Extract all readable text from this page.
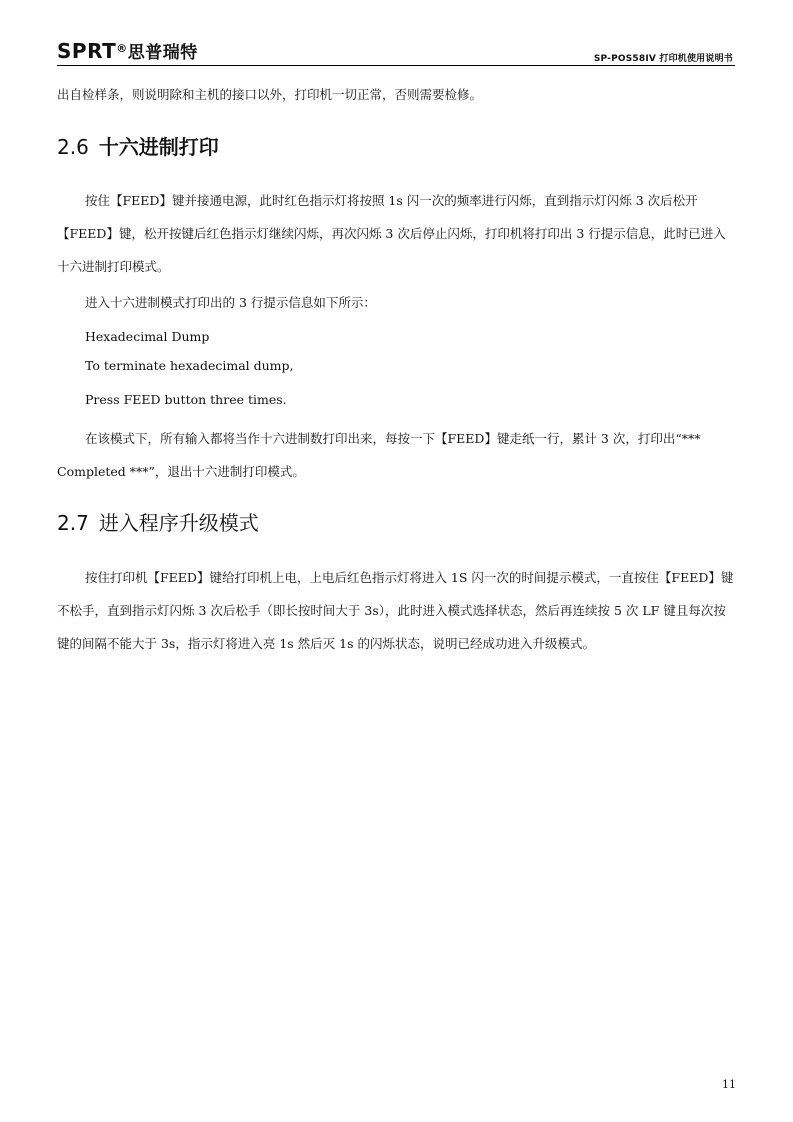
SPRT®思普瑞特	SP-POS58IV 打印机使用说明书

出自检样条，则说明除和主机的接口以外，打印机一切正常，否则需要检修。

2.6 十六进制打印

按住【FEED】键并接通电源，此时红色指示灯将按照 1s 闪一次的频率进行闪烁，直到指示灯闪烁 3 次后松开【FEED】键，松开按键后红色指示灯继续闪烁，再次闪烁 3 次后停止闪烁，打印机将打印出 3 行提示信息，此时已进入十六进制打印模式。

进入十六进制模式打印出的 3 行提示信息如下所示：

Hexadecimal Dump
To terminate hexadecimal dump,
Press FEED button three times.

在该模式下，所有输入都将当作十六进制数打印出来，每按一下【FEED】键走纸一行，累计 3 次，打印出“*** Completed ***”，退出十六进制打印模式。

2.7 进入程序升级模式

按住打印机【FEED】键给打印机上电，上电后红色指示灯将进入 1S 闪一次的时间提示模式，一直按住【FEED】键不松手，直到指示灯闪烁 3 次后松手（即长按时间大于 3s），此时进入模式选择状态，然后再连续按 5 次 LF 键且每次按键的间隔不能大于 3s，指示灯将进入亮 1s 然后灭 1s 的闪烁状态，说明已经成功进入升级模式。

11
